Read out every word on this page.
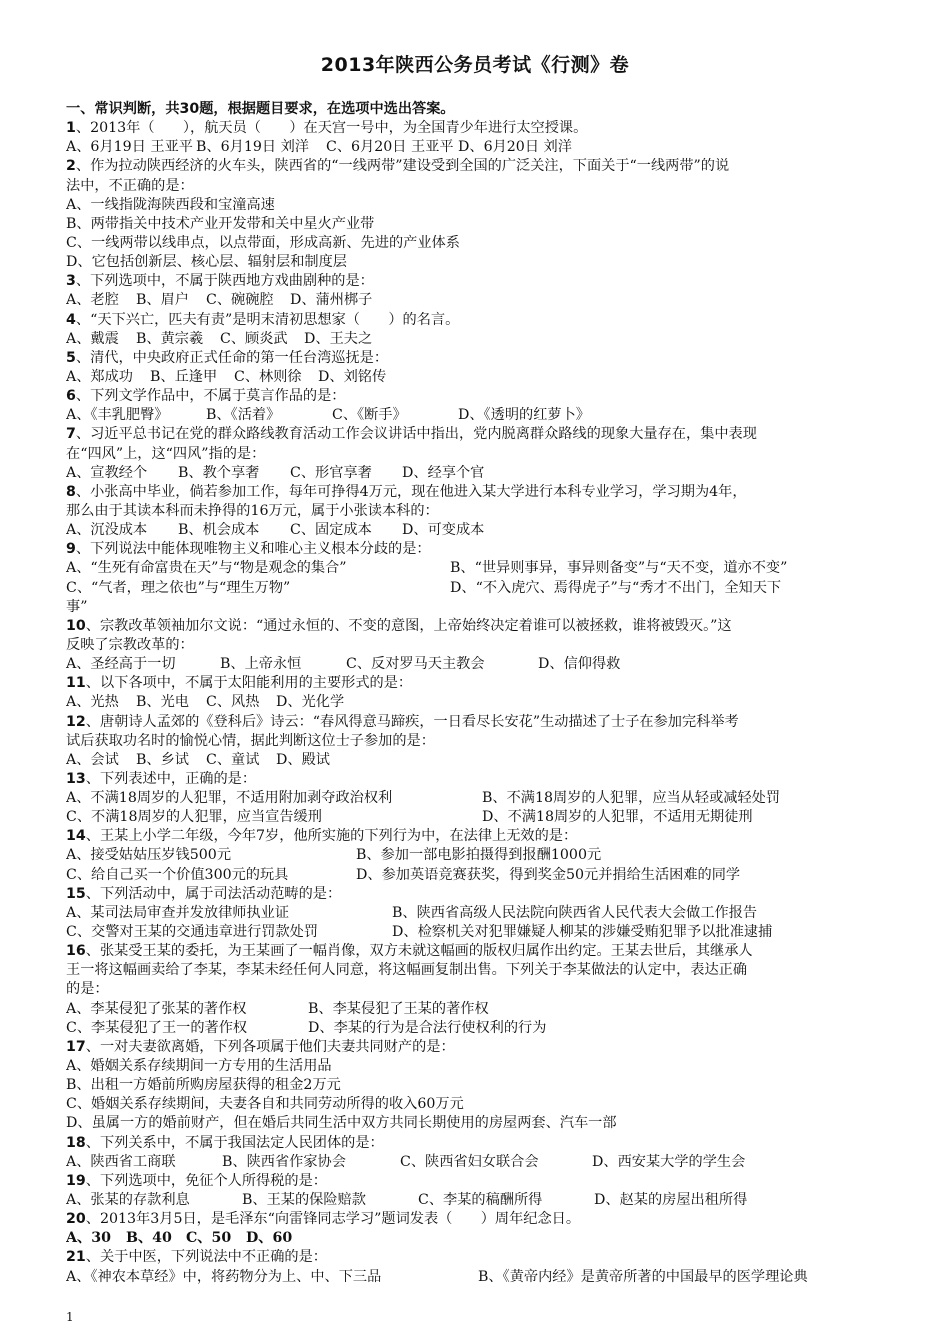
2013年陕西公务员考试《行测》卷
一、常识判断，共30题，根据题目要求，在选项中选出答案。
1、2013年（　　），航天员（　　）在天宫一号中，为全国青少年进行太空授课。
A、6月19日 王亚平 B、6月19日 刘洋 C、6月20日 王亚平 D、6月20日 刘洋
2、作为拉动陕西经济的火车头，陕西省的“一线两带”建设受到全国的广泛关注，下面关于“一线两带”的说
法中，不正确的是：
A、一线指陇海陕西段和宝潼高速
B、两带指关中技术产业开发带和关中星火产业带
C、一线两带以线串点，以点带面，形成高新、先进的产业体系
D、它包括创新层、核心层、辐射层和制度层
3、下列选项中，不属于陕西地方戏曲剧种的是：
A、老腔 B、眉户 C、碗碗腔 D、蒲州梆子
4、“天下兴亡，匹夫有责”是明末清初思想家（　　）的名言。
A、戴震 B、黄宗羲 C、顾炎武 D、王夫之
5、清代，中央政府正式任命的第一任台湾巡抚是：
A、郑成功 B、丘逢甲 C、林则徐 D、刘铭传
6、下列文学作品中，不属于莫言作品的是：
A、《丰乳肥臀》	B、《活着》	C、《断手》	D、《透明的红萝卜》
7、习近平总书记在党的群众路线教育活动工作会议讲话中指出，党内脱离群众路线的现象大量存在，集中表现
在“四风”上，这“四风”指的是：
A、宣教经个 B、教个享奢 C、形官享奢 D、经享个官
8、小张高中毕业，倘若参加工作，每年可挣得4万元，现在他进入某大学进行本科专业学习，学习期为4年，
那么由于其读本科而未挣得的16万元，属于小张读本科的：
A、沉没成本 B、机会成本 C、固定成本 D、可变成本
9、下列说法中能体现唯物主义和唯心主义根本分歧的是：
A、“生死有命富贵在天”与“物是观念的集合”	B、“世异则事异，事异则备变”与“天不变，道亦不变”
C、“气者，理之依也”与“理生万物”	D、“不入虎穴、焉得虎子”与“秀才不出门，全知天下
事”
10、宗教改革领袖加尔文说：“通过永恒的、不变的意图，上帝始终决定着谁可以被拯救，谁将被毁灭。”这
反映了宗教改革的：
A、圣经高于一切	B、上帝永恒	C、反对罗马天主教会	D、信仰得救
11、以下各项中，不属于太阳能利用的主要形式的是：
A、光热 B、光电 C、风热 D、光化学
12、唐朝诗人孟郊的《登科后》诗云：“春风得意马蹄疾，一日看尽长安花”生动描述了士子在参加完科举考
试后获取功名时的愉悦心情，据此判断这位士子参加的是：
A、会试 B、乡试 C、童试 D、殿试
13、下列表述中，正确的是：
A、不满18周岁的人犯罪，不适用附加剥夺政治权利	B、不满18周岁的人犯罪，应当从轻或减轻处罚
C、不满18周岁的人犯罪，应当宣告缓刑	D、不满18周岁的人犯罪，不适用无期徒刑
14、王某上小学二年级，今年7岁，他所实施的下列行为中，在法律上无效的是：
A、接受姑姑压岁钱500元	B、参加一部电影拍摄得到报酬1000元
C、给自己买一个价值300元的玩具	D、参加英语竞赛获奖，得到奖金50元并捐给生活困难的同学
15、下列活动中，属于司法活动范畴的是：
A、某司法局审查并发放律师执业证	B、陕西省高级人民法院向陕西省人民代表大会做工作报告
C、交警对王某的交通违章进行罚款处罚	D、检察机关对犯罪嫌疑人柳某的涉嫌受贿犯罪予以批准逮捕
16、张某受王某的委托，为王某画了一幅肖像，双方未就这幅画的版权归属作出约定。王某去世后，其继承人
王一将这幅画卖给了李某，李某未经任何人同意，将这幅画复制出售。下列关于李某做法的认定中，表达正确
的是：
A、李某侵犯了张某的著作权	B、李某侵犯了王某的著作权
C、李某侵犯了王一的著作权	D、李某的行为是合法行使权利的行为
17、一对夫妻欲离婚，下列各项属于他们夫妻共同财产的是：
A、婚姻关系存续期间一方专用的生活用品
B、出租一方婚前所购房屋获得的租金2万元
C、婚姻关系存续期间，夫妻各自和共同劳动所得的收入60万元
D、虽属一方的婚前财产，但在婚后共同生活中双方共同长期使用的房屋两套、汽车一部
18、下列关系中，不属于我国法定人民团体的是：
A、陕西省工商联	B、陕西省作家协会	C、陕西省妇女联合会	D、西安某大学的学生会
19、下列选项中，免征个人所得税的是：
A、张某的存款利息	B、王某的保险赔款	C、李某的稿酬所得	D、赵某的房屋出租所得
20、2013年3月5日，是毛泽东“向雷锋同志学习”题词发表（　　）周年纪念日。
A、30 B、40 C、50 D、60
21、关于中医，下列说法中不正确的是：
A、《神农本草经》中，将药物分为上、中、下三品	B、《黄帝内经》是黄帝所著的中国最早的医学理论典
1
